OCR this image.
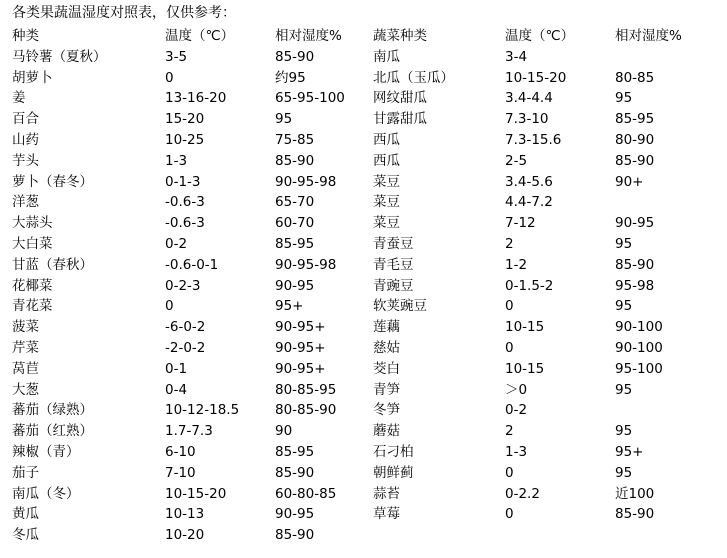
各类果蔬温湿度对照表，仅供参考：
种类	温度（℃）	相对湿度% 蔬菜种类	温度（℃）	相对湿度%
马铃薯（夏秋）	3-5	85-90	南瓜	3-4
胡萝卜	0	约95	北瓜（玉瓜）	10-15-20	80-85
姜	13-16-20	65-95-100 网纹甜瓜	3.4-4.4	95
百合	15-20	95	甘露甜瓜	7.3-10	85-95
山药	10-25	75-85	西瓜	7.3-15.6	80-90
芋头	1-3	85-90	西瓜	2-5	85-90
萝卜（春冬）	0-1-3	90-95-98	菜豆	3.4-5.6	90+
洋葱	-0.6-3	65-70	菜豆	4.4-7.2
大蒜头	-0.6-3	60-70	菜豆	7-12	90-95
大白菜	0-2	85-95	青蚕豆	2	95
甘蓝（春秋）	-0.6-0-1	90-95-98	青毛豆	1-2	85-90
花椰菜	0-2-3	90-95	青豌豆	0-1.5-2	95-98
青花菜	0	95+	软荚豌豆	0	95
菠菜	-6-0-2	90-95+	莲藕	10-15	90-100
芹菜	-2-0-2	90-95+	慈姑	0	90-100
莴苣	0-1	90-95+	茭白	10-15	95-100
大葱	0-4	80-85-95	青笋	＞0	95
蕃茄（绿熟）	10-12-18.5	80-85-90	冬笋	0-2
蕃茄（红熟）	1.7-7.3	90	蘑菇	2	95
辣椒（青）	6-10	85-95	石刁柏	1-3	95+
茄子	7-10	85-90	朝鲜蓟	0	95
南瓜（冬）	10-15-20	60-80-85	蒜苔	0-2.2	近100
黄瓜	10-13	90-95	草莓	0	85-90
冬瓜	10-20	85-90
